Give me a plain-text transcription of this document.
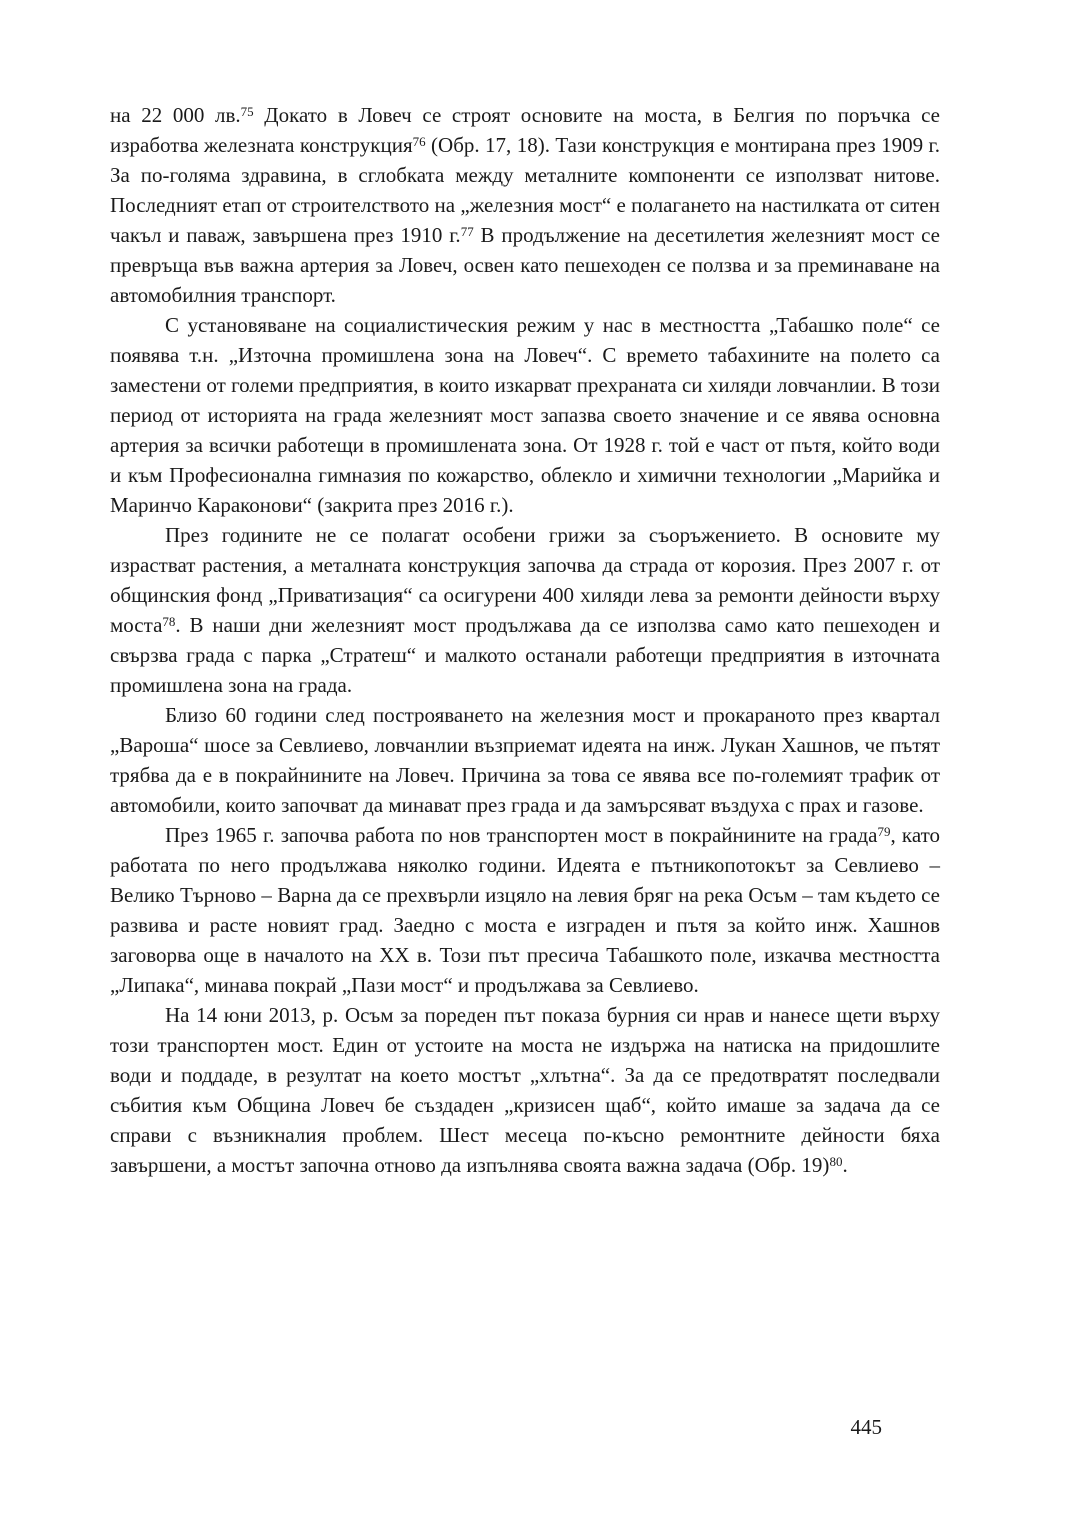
на 22 000 лв.$^{75}$ Докато в Ловеч се строят основите на моста, в Белгия по поръчка се изработва железната конструкция$^{76}$ (Обр. 17, 18). Тази конструкция е монтирана през 1909 г. За по-голяма здравина, в сглобката между металните компоненти се използват нитове. Последният етап от строителството на „железния мост“ е полагането на настилката от ситен чакъл и паваж, завършена през 1910 г.$^{77}$ В продължение на десетилетия железният мост се превръща във важна артерия за Ловеч, освен като пешеходен се ползва и за преминаване на автомобилния транспорт.

С установяване на социалистическия режим у нас в местността „Табашко поле“ се появява т.н. „Източна промишлена зона на Ловеч“. С времето табахините на полето са заместени от големи предприятия, в които изкарват прехраната си хиляди ловчанлии. В този период от историята на града железният мост запазва своето значение и се явява основна артерия за всички работещи в промишлената зона. От 1928 г. той е част от пътя, който води и към Професионална гимназия по кожарство, облекло и химични технологии „Марийка и Маринчо Караконови“ (закрита през 2016 г.).

През годините не се полагат особени грижи за съоръжението. В основите му израстват растения, а металната конструкция започва да страда от корозия. През 2007 г. от общинския фонд „Приватизация“ са осигурени 400 хиляди лева за ремонти дейности върху моста$^{78}$. В наши дни железният мост продължава да се използва само като пешеходен и свързва града с парка „Стратеш“ и малкото останали работещи предприятия в източната промишлена зона на града.

Близо 60 години след построяването на железния мост и прокараното през квартал „Вароша“ шосе за Севлиево, ловчанлии възприемат идеята на инж. Лукан Хашнов, че пътят трябва да е в покрайнините на Ловеч. Причина за това се явява все по-големият трафик от автомобили, които започват да минават през града и да замърсяват въздуха с прах и газове.

През 1965 г. започва работа по нов транспортен мост в покрайнините на града$^{79}$, като работата по него продължава няколко години. Идеята е пътникопотокът за Севлиево – Велико Търново – Варна да се прехвърли изцяло на левия бряг на река Осъм – там където се развива и расте новият град. Заедно с моста е изграден и пътя за който инж. Хашнов заговорва още в началото на ХХ в. Този път пресича Табашкото поле, изкачва местността „Липака“, минава покрай „Пази мост“ и продължава за Севлиево.

На 14 юни 2013, р. Осъм за пореден път показа бурния си нрав и нанесе щети върху този транспортен мост. Един от устоите на моста не издържа на натиска на придошлите води и поддаде, в резултат на което мостът „хлътна“. За да се предотвратят последвали събития към Община Ловеч бе създаден „кризисен щаб“, който имаше за задача да се справи с възникналия проблем. Шест месеца по-късно ремонтните дейности бяха завършени, а мостът започна отново да изпълнява своята важна задача (Обр. 19)$^{80}$.

445
